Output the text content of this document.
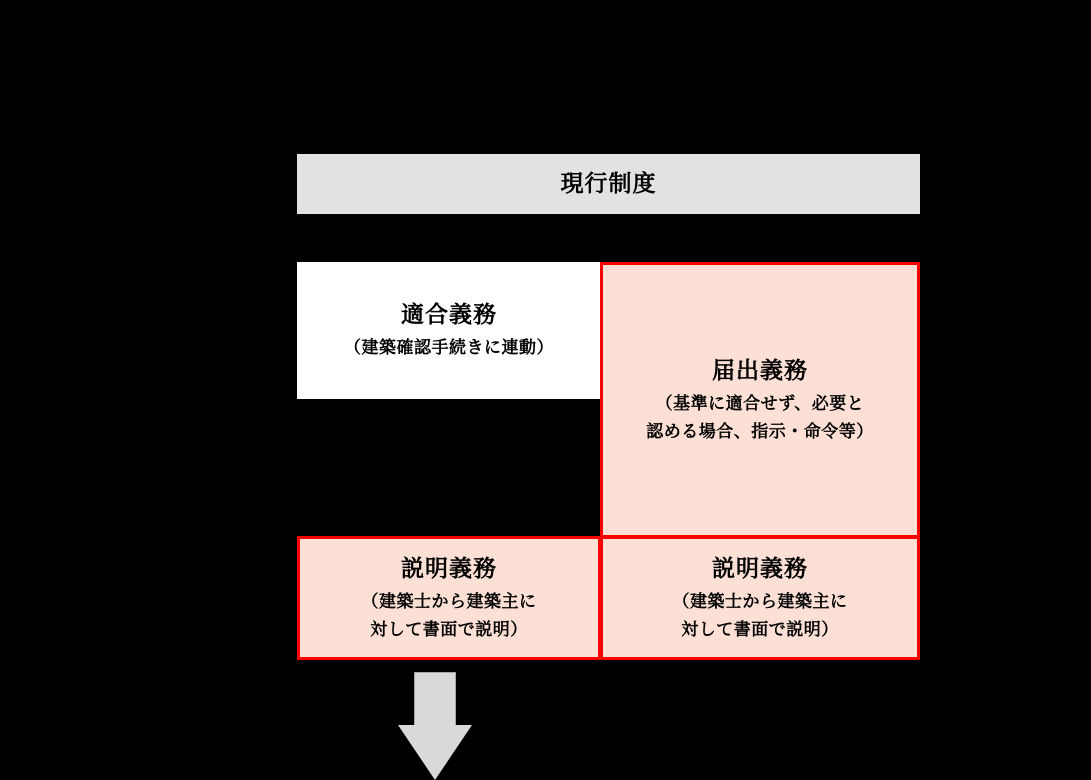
現行制度
適合義務
（建築確認手続きに連動）
届出義務
（基準に適合せず、必要と
認める場合、指示・命令等）
説明義務
（建築士から建築主に
対して書面で説明）
説明義務
（建築士から建築主に
対して書面で説明）
